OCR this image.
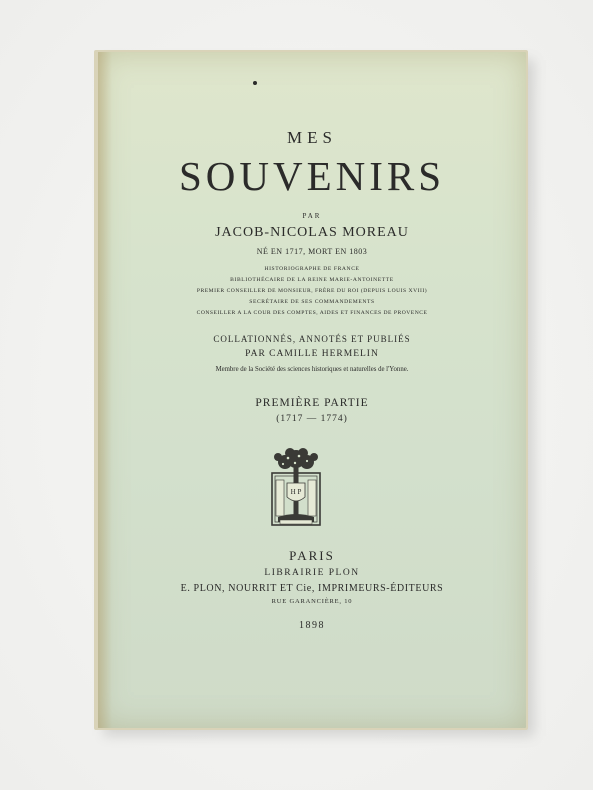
MES
SOUVENIRS
PAR
JACOB-NICOLAS MOREAU
NÉ EN 1717, MORT EN 1803
HISTORIOGRAPHE DE FRANCE
BIBLIOTHÉCAIRE DE LA REINE MARIE-ANTOINETTE
PREMIER CONSEILLER DE MONSIEUR, FRÈRE DU ROI (DEPUIS LOUIS XVIII)
SECRÉTAIRE DE SES COMMANDEMENTS
CONSEILLER A LA COUR DES COMPTES, AIDES ET FINANCES DE PROVENCE
COLLATIONNÉS, ANNOTÉS ET PUBLIÉS
PAR CAMILLE HERMELIN
Membre de la Société des sciences historiques et naturelles de l'Yonne.
PREMIÈRE PARTIE
(1717 — 1774)
H P
PARIS
LIBRAIRIE PLON
E. PLON, NOURRIT ET Cie, IMPRIMEURS-ÉDITEURS
RUE GARANCIÈRE, 10
1898
